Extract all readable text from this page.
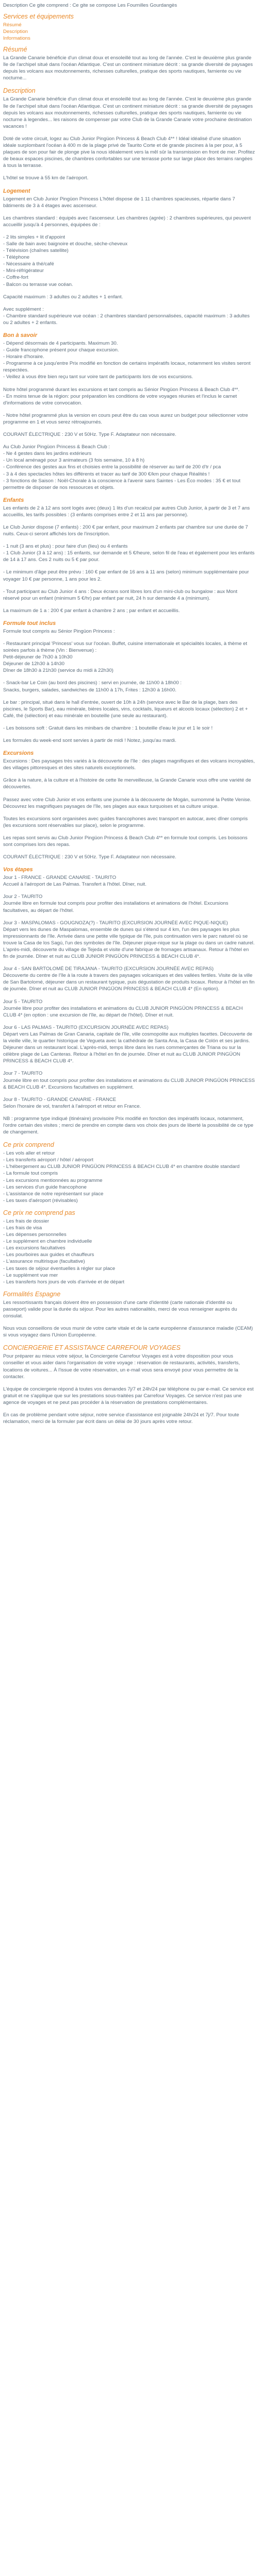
Description Ce gite comprend : Ce gite se compose Les Fournilles Gourdangès

Services et équipements
Résumé
Description
Informations
Résumé

La Grande Canarie bénéficie d'un climat doux et ensoleillé tout au long de l'année. C'est le deuxième plus grande île de l'archipel situé dans l'océan Atlantique. C'est un continent miniature décrit : sa grande diversité de paysages depuis les volcans aux moutonnements, richesses culturelles, pratique des sports nautiques, farniente ou vie nocturne...

Description

La Grande Canarie bénéficie d'un climat doux et ensoleillé tout au long de l'année. C'est le deuxième plus grande île de l'archipel situé dans l'océan Atlantique. C'est un continent miniature décrit : sa grande diversité de paysages depuis les volcans aux moutonnements, richesses culturelles, pratique des sports nautiques, farniente ou vie nocturne à legendes... les raisons de compenser par votre Club de la Grande Canarie votre prochaine destination vacances !

Doté de votre circuit, logez au Club Junior Pingüon Princess & Beach Club 4** ! Idéal idéalisé d'une situation idéale surplombant l'océan à 400 m de la plage privé de Taurito Corte et de grande piscines à la per pour, à 5 plaques de son pour fair de plonge pive la nous idéalement vers la mêl sûr la transmission en front de mer. Profitez de beaux espaces piscines, de chambres confortables sur une terrasse porte sur large place des terrains rangées à tous la terrasse.

L'hôtel se trouve à 55 km de l'aéroport.

Logement

Logement en Club Junior Pingüon Princess L'hôtel dispose de 1 11 chambres spacieuses, répartie dans 7 bâtiments de 3 à 4 étages avec ascenseur.

Les chambres standard : équipés avec l'ascenseur. Les chambres (agrée) : 2 chambres supérieures, qui peuvent accueillir jusqu'à 4 personnes, équipées de :

- 2 lits simples + lit d'appoint
- Salle de bain avec baignoire et douche, sèche-cheveux
- Télévision (chaînes satellite)
- Téléphone
- Nécessaire à thé/café
- Mini-réfrigérateur
- Coffre-fort
- Balcon ou terrasse vue océan.

Capacité maximum : 3 adultes ou 2 adultes + 1 enfant.

Avec supplément :
- Chambre standard supérieure vue océan : 2 chambres standard personnalisées, capacité maximum : 3 adultes ou 2 adultes + 2 enfants.

Bon à savoir

- Dépend désormais de 4 participants. Maximum 30.
- Guide francophone présent pour chaque excursion.
- Horaire d'horaire.
- Programme à ce jusqu'entre Prix modifié en fonction de certains impératifs locaux, notamment les visites seront respectées.
- Veillez à vous être bien reçu tant sur voire tant de participants lors de vos excursions.

Notre hôtel programmé durant les excursions et tant compris au Sénior Pingüon Princess & Beach Club 4**.
- En moins tenue de la région: pour préparation les conditions de votre voyages réunies et l'inclus le carnet d'informations de votre convocation.

- Notre hôtel programmé plus la version en cours peut être du cas vous aurez un budget pour sélectionner votre programme en 1 et vous serez rétroajournés.

COURANT ÉLECTRIQUE : 230 V et 50Hz. Type F. Adaptateur non nécessaire.

Au Club Junior Pingüon Princess & Beach Club :
- Ne 4 gestes dans les jardins extérieurs
- Un local aménagé pour 3 animateurs (3 fois semaine, 10 à 8 h)
- Conférence des gestes aux fins et choisies entre la possibilité de réserver au tarif de 200 d'tr / pca
- 3 à 4 des spectacles hôtes les différents et tracer au tarif de 300 €/km pour chaque Réalités !
- 3 fonctions de Saison : Noël-Chorale à la conscience à l'avenir sans Saintes - Les Éco modes : 35 € et tout permettre de disposer de nos ressources et objets.

Enfants

Les enfants de 2 à 12 ans sont logés avec (deux) 1 lits d'un recalcul par autres Club Junior, à partir de 3 et 7 ans accueillis, les tarifs possibles : (3 enfants comprises entre 2 et 11 ans par personne).

Le Club Junior dispose (7 enfants) : 200 € par enfant, pour maximum 2 enfants par chambre sur une durée de 7 nuits. Ceux-ci seront affichés lors de l'inscription.

- 1 nuit (3 ans et plus) : pour faire d'un (lieu) ou 4 enfants
- 1 Club Junior (3 à 12 ans) : 15 enfants, sur demande et 5 €/heure, selon fil de l'eau et également pour les enfants de 14 à 17 ans. Ces 2 nuits ou 5 € par pour.

- Le minimum d'âge peut être prévu : 160 € par enfant de 16 ans à 11 ans (selon) minimum supplémentaire pour voyager 10 € par personne, 1 ans pour les 2.

- Tout participant au Club Junior 4 ans : Deux écrans sont libres lors d'un mini-club ou bungalow : aux Mont réservé pour un enfant (minimum 5 €/hr) par enfant par nuit, 24 h sur demande 4 a (minimum).

La maximum de 1 a : 200 € par enfant à chambre 2 ans ; par enfant et accueillis.

Formule tout inclus

Formule tout compris au Sénior Pingüon Princess :

- Restaurant principal 'Princess' vous sur l'océan. Buffet, cuisine internationale et spécialités locales, à thème et soirées parfois à thème (Vin : Bienvenue) :
Petit-déjeuner de 7h30 à 10h30
Déjeuner de 12h30 à 14h30
Dîner de 18h30 à 21h30 (service du midi à 22h30)

- Snack-bar Le Coin (au bord des piscines) : servi en journée, de 11h00 à 18h00 :
Snacks, burgers, salades, sandwiches de 11h00 à 17h, Frites : 12h30 à 16h00.

Le bar : principal, situé dans le hall d'entrée, ouvert de 10h à 24h (service avec le Bar de la plage, bars des piscines, le Sports Bar), eau minérale, bières locales, vins, cocktails, liqueurs et alcools locaux (sélection) 2 et + Café, thé (sélection) et eau minérale en bouteille (une seule au restaurant).

- Les boissons soft : Gratuit dans les minibars de chambre : 1 bouteille d'eau le jour et 1 le soir !

Les formules du week-end sont servies à partir de midi ! Notez, jusqu'au mardi.

Excursions

Excursions : Des paysages très variés à la découverte de l'île : des plages magnifiques et des volcans incroyables, des villages pittoresques et des sites naturels exceptionnels.

Grâce à la nature, à la culture et à l'histoire de cette île merveilleuse, la Grande Canarie vous offre une variété de découvertes.

Passez avec votre Club Junior et vos enfants une journée à la découverte de Mogán, surnommé la Petite Venise. Découvrez les magnifiques paysages de l'île, ses plages aux eaux turquoises et sa culture unique.

Toutes les excursions sont organisées avec guides francophones avec transport en autocar, avec dîner compris (les excursions sont réservables sur place), selon le programme.

Les repas sont servis au Club Junior Pingüon Princess & Beach Club 4** en formule tout compris. Les boissons sont comprises lors des repas.

COURANT ÉLECTRIQUE : 230 V et 50Hz. Type F. Adaptateur non nécessaire.

Vos étapes

Jour 1 - FRANCE - GRANDE CANARIE - TAURITO
Accueil à l'aéroport de Las Palmas. Transfert à l'hôtel. Dîner, nuit.

Jour 2 - TAURITO
Journée libre en formule tout compris pour profiter des installations et animations de l'hôtel. Excursions facultatives, au départ de l'hôtel.

Jour 3 - MASPALOMAS - GOUGNOZA(?) - TAURITO (EXCURSION JOURNÉE AVEC PIQUE-NIQUE)
Départ vers les dunes de Maspalomas, ensemble de dunes qui s'étend sur 4 km, l'un des paysages les plus impressionnants de l'île. Arrivée dans une petite ville typique de l'île, puis continuation vers le parc naturel où se trouve la Casa de los Sagú, l'un des symboles de l'île. Déjeuner pique-nique sur la plage ou dans un cadre naturel. L'après-midi, découverte du village de Tejeda et visite d'une fabrique de fromages artisanaux. Retour à l'hôtel en fin de journée. Dîner et nuit au CLUB JUNIOR PINGÜON PRINCESS & BEACH CLUB 4*.

Jour 4 - SAN BARTOLOMÉ DE TIRAJANA - TAURITO (EXCURSION JOURNÉE AVEC REPAS)
Découverte du centre de l'île à la route à travers des paysages volcaniques et des vallées fertiles. Visite de la ville de San Bartolomé, déjeuner dans un restaurant typique, puis dégustation de produits locaux. Retour à l'hôtel en fin de journée. Dîner et nuit au CLUB JUNIOR PINGÜON PRINCESS & BEACH CLUB 4* (En option).

Jour 5 - TAURITO
Journée libre pour profiter des installations et animations du CLUB JUNIOR PINGÜON PRINCESS & BEACH CLUB 4* (en option : une excursion de l'île, au départ de l'hôtel). Dîner et nuit.

Jour 6 - LAS PALMAS - TAURITO (EXCURSION JOURNÉE AVEC REPAS)
Départ vers Las Palmas de Gran Canaria, capitale de l'île, ville cosmopolite aux multiples facettes. Découverte de la vieille ville, le quartier historique de Vegueta avec la cathédrale de Santa Ana, la Casa de Colón et ses jardins. Déjeuner dans un restaurant local. L'après-midi, temps libre dans les rues commerçantes de Triana ou sur la célèbre plage de Las Canteras. Retour à l'hôtel en fin de journée. Dîner et nuit au CLUB JUNIOR PINGÜON PRINCESS & BEACH CLUB 4*.

Jour 7 - TAURITO
Journée libre en tout compris pour profiter des installations et animations du CLUB JUNIOR PINGÜON PRINCESS & BEACH CLUB 4*. Excursions facultatives en supplément.

Jour 8 - TAURITO - GRANDE CANARIE - FRANCE
Selon l'horaire de vol, transfert à l'aéroport et retour en France.

NB : programme type indiqué (itinéraire) provisoire Prix modifié en fonction des impératifs locaux, notamment, l'ordre certain des visites ; merci de prendre en compte dans vos choix des jours de liberté la possibilité de ce type de changement.

Ce prix comprend
- Les vols aller et retour
- Les transferts aéroport / hôtel / aéroport
- L'hébergement au CLUB JUNIOR PINGÜON PRINCESS & BEACH CLUB 4* en chambre double standard
- La formule tout compris
- Les excursions mentionnées au programme
- Les services d'un guide francophone
- L'assistance de notre représentant sur place
- Les taxes d'aéroport (révisables)
Ce prix ne comprend pas
- Les frais de dossier
- Les frais de visa
- Les dépenses personnelles
- Le supplément en chambre individuelle
- Les excursions facultatives
- Les pourboires aux guides et chauffeurs
- L'assurance multirisque (facultative)
- Les taxes de séjour éventuelles à régler sur place
- Le supplément vue mer
- Les transferts hors jours de vols d'arrivée et de départ
Formalités Espagne

Les ressortissants français doivent être en possession d'une carte d'identité (carte nationale d'identité ou passeport) valide pour la durée du séjour. Pour les autres nationalités, merci de vous renseigner auprès du consulat.

Nous vous conseillons de vous munir de votre carte vitale et de la carte européenne d'assurance maladie (CEAM) si vous voyagez dans l'Union Européenne.

CONCIERGERIE ET ASSISTANCE CARREFOUR VOYAGES

Pour préparer au mieux votre séjour, la Conciergerie Carrefour Voyages est à votre disposition pour vous conseiller et vous aider dans l'organisation de votre voyage : réservation de restaurants, activités, transferts, locations de voitures... À l'issue de votre réservation, un e-mail vous sera envoyé pour vous permettre de la contacter.

L'équipe de conciergerie répond à toutes vos demandes 7j/7 et 24h/24 par téléphone ou par e-mail. Ce service est gratuit et ne s'applique que sur les prestations sous-traitées par Carrefour Voyages. Ce service n'est pas une agence de voyages et ne peut pas procéder à la réservation de prestations complémentaires.

En cas de problème pendant votre séjour, notre service d'assistance est joignable 24h/24 et 7j/7. Pour toute réclamation, merci de la formuler par écrit dans un délai de 30 jours après votre retour.
